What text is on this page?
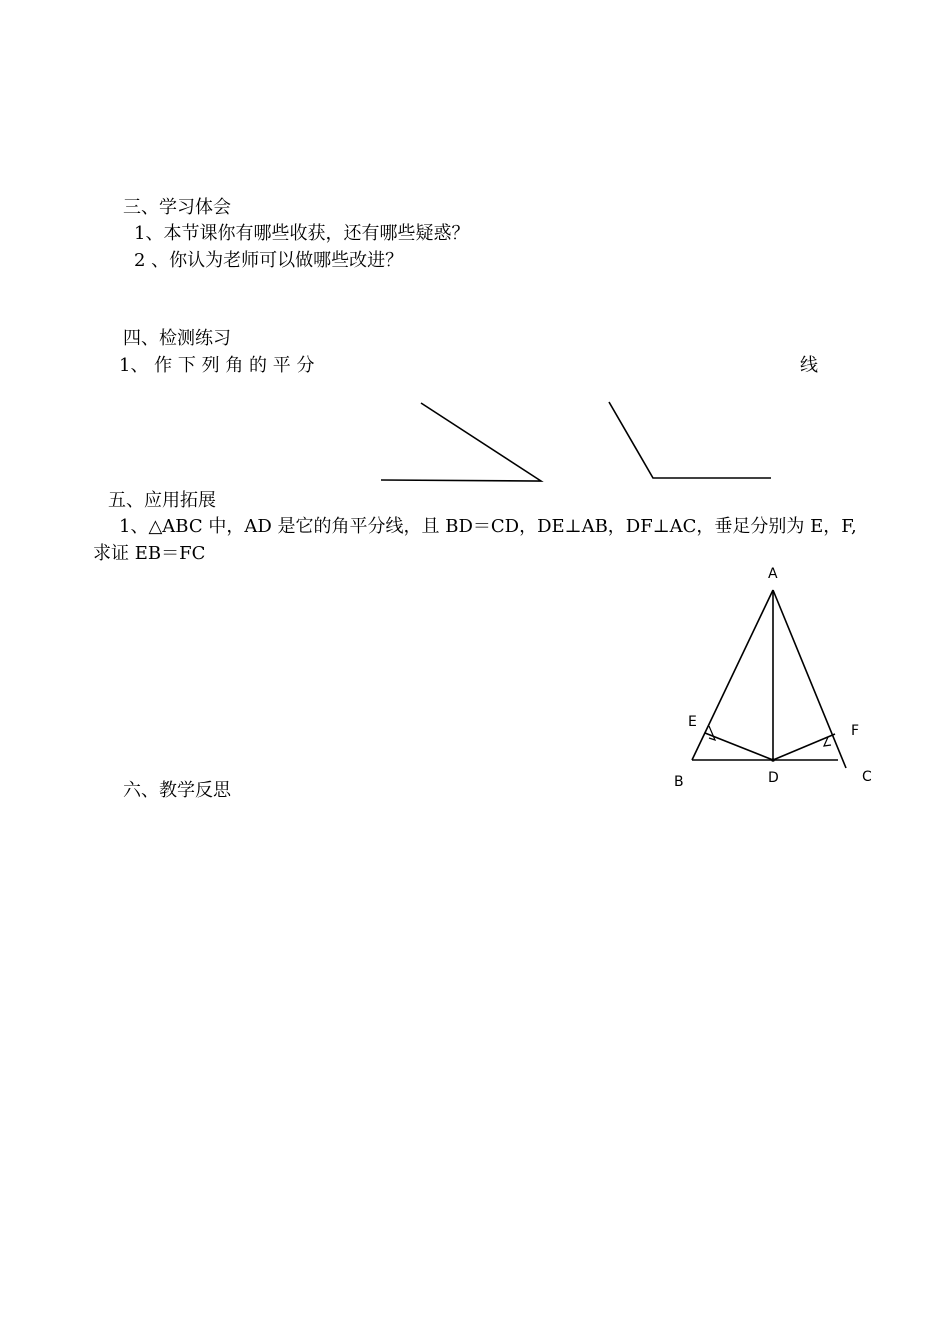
三、学习体会
1、本节课你有哪些收获，还有哪些疑惑？
2 、你认为老师可以做哪些改进？
四、检测练习
1、 作 下 列 角 的 平 分	线
五、应用拓展
1、△ABC 中，AD 是它的角平分线，且 BD＝CD，DE⊥AB，DF⊥AC，垂足分别为 E，F,
求证 EB＝FC
A
B	C
D
E
F
六、教学反思
